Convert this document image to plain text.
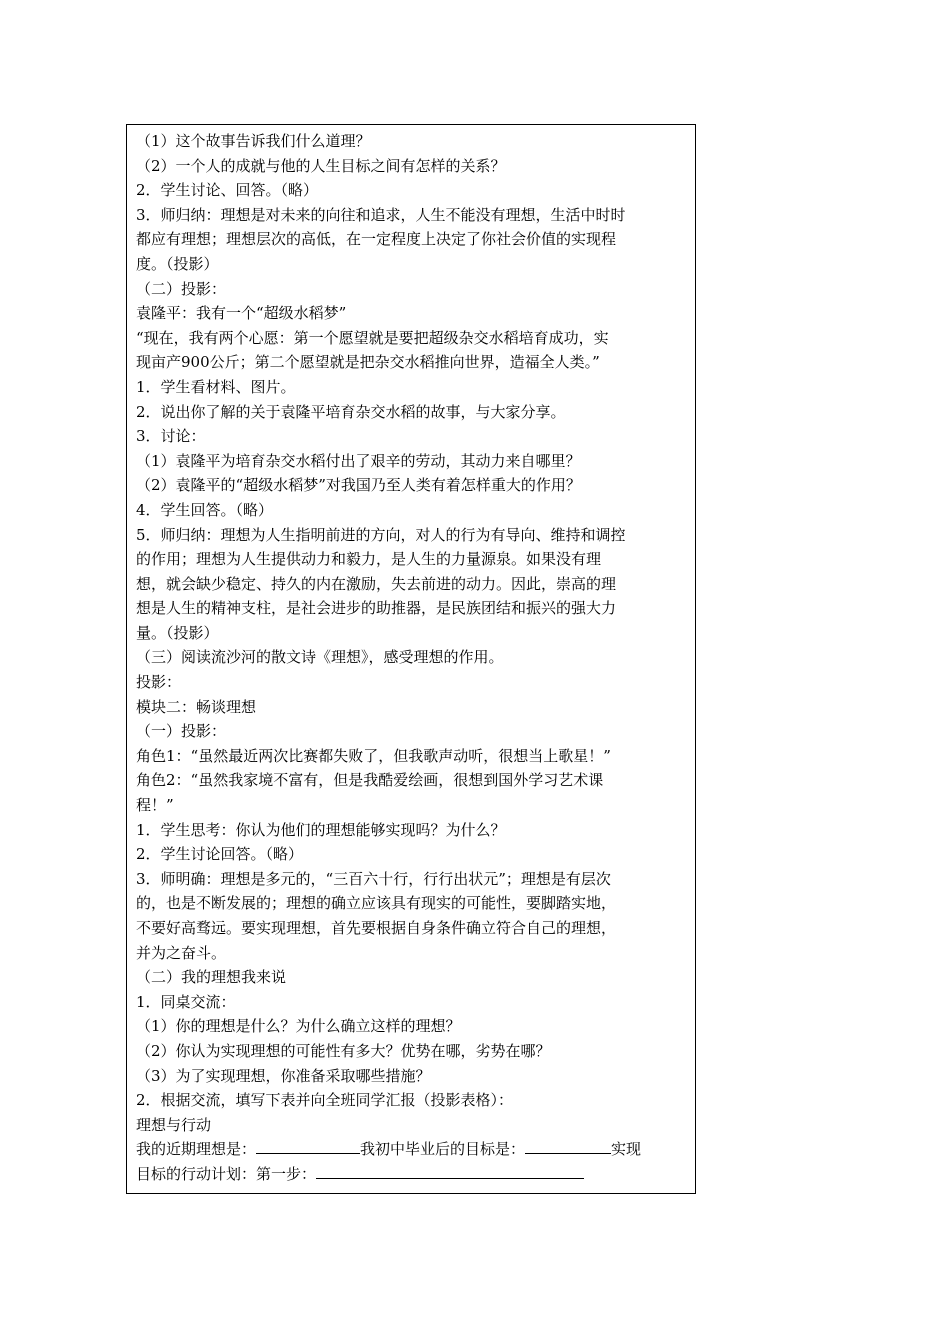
（1）这个故事告诉我们什么道理？
（2）一个人的成就与他的人生目标之间有怎样的关系？
2．学生讨论、回答。（略）
3．师归纳：理想是对未来的向往和追求，人生不能没有理想，生活中时时
都应有理想；理想层次的高低，在一定程度上决定了你社会价值的实现程
度。（投影）
（二）投影：
袁隆平：我有一个“超级水稻梦”
“现在，我有两个心愿：第一个愿望就是要把超级杂交水稻培育成功，实
现亩产900公斤；第二个愿望就是把杂交水稻推向世界，造福全人类。”
1．学生看材料、图片。
2．说出你了解的关于袁隆平培育杂交水稻的故事，与大家分享。
3．讨论：
（1）袁隆平为培育杂交水稻付出了艰辛的劳动，其动力来自哪里？
（2）袁隆平的“超级水稻梦”对我国乃至人类有着怎样重大的作用？
4．学生回答。（略）
5．师归纳：理想为人生指明前进的方向，对人的行为有导向、维持和调控
的作用；理想为人生提供动力和毅力，是人生的力量源泉。如果没有理
想，就会缺少稳定、持久的内在激励，失去前进的动力。因此，崇高的理
想是人生的精神支柱，是社会进步的助推器，是民族团结和振兴的强大力
量。（投影）
（三）阅读流沙河的散文诗《理想》，感受理想的作用。
投影：
模块二：畅谈理想
（一）投影：
角色1：“虽然最近两次比赛都失败了，但我歌声动听，很想当上歌星！”
角色2：“虽然我家境不富有，但是我酷爱绘画，很想到国外学习艺术课
程！”
1．学生思考：你认为他们的理想能够实现吗？为什么？
2．学生讨论回答。（略）
3．师明确：理想是多元的，“三百六十行，行行出状元”；理想是有层次
的，也是不断发展的；理想的确立应该具有现实的可能性，要脚踏实地，
不要好高骛远。要实现理想，首先要根据自身条件确立符合自己的理想，
并为之奋斗。
（二）我的理想我来说
1．同桌交流：
（1）你的理想是什么？为什么确立这样的理想？
（2）你认为实现理想的可能性有多大？优势在哪，劣势在哪？
（3）为了实现理想，你准备采取哪些措施？
2．根据交流，填写下表并向全班同学汇报（投影表格）：
理想与行动
我的近期理想是：	我初中毕业后的目标是：	实现
目标的行动计划：第一步：
